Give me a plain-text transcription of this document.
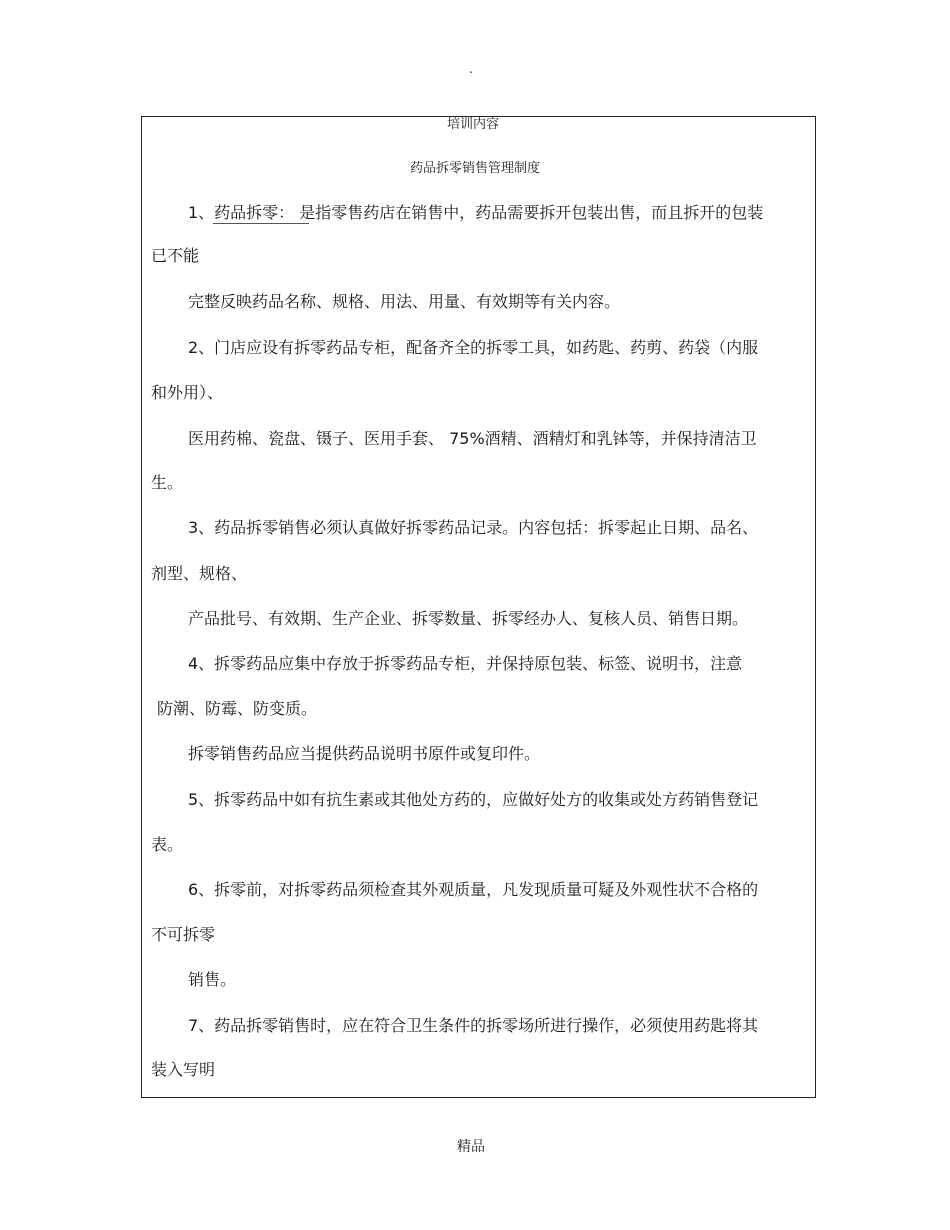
.
培训内容
药品拆零销售管理制度
1、药品拆零： 是指零售药店在销售中，药品需要拆开包装出售，而且拆开的包装
已不能
完整反映药品名称、规格、用法、用量、有效期等有关内容。
2、门店应设有拆零药品专柜，配备齐全的拆零工具，如药匙、药剪、药袋（内服
和外用）、
医用药棉、瓷盘、镊子、医用手套、 75%酒精、酒精灯和乳钵等，并保持清洁卫
生。
3、药品拆零销售必须认真做好拆零药品记录。内容包括：拆零起止日期、品名、
剂型、规格、
产品批号、有效期、生产企业、拆零数量、拆零经办人、复核人员、销售日期。
4、拆零药品应集中存放于拆零药品专柜，并保持原包装、标签、说明书，注意
防潮、防霉、防变质。
拆零销售药品应当提供药品说明书原件或复印件。
5、拆零药品中如有抗生素或其他处方药的，应做好处方的收集或处方药销售登记
表。
6、拆零前，对拆零药品须检查其外观质量，凡发现质量可疑及外观性状不合格的
不可拆零
销售。
7、药品拆零销售时，应在符合卫生条件的拆零场所进行操作，必须使用药匙将其
装入写明
精品
